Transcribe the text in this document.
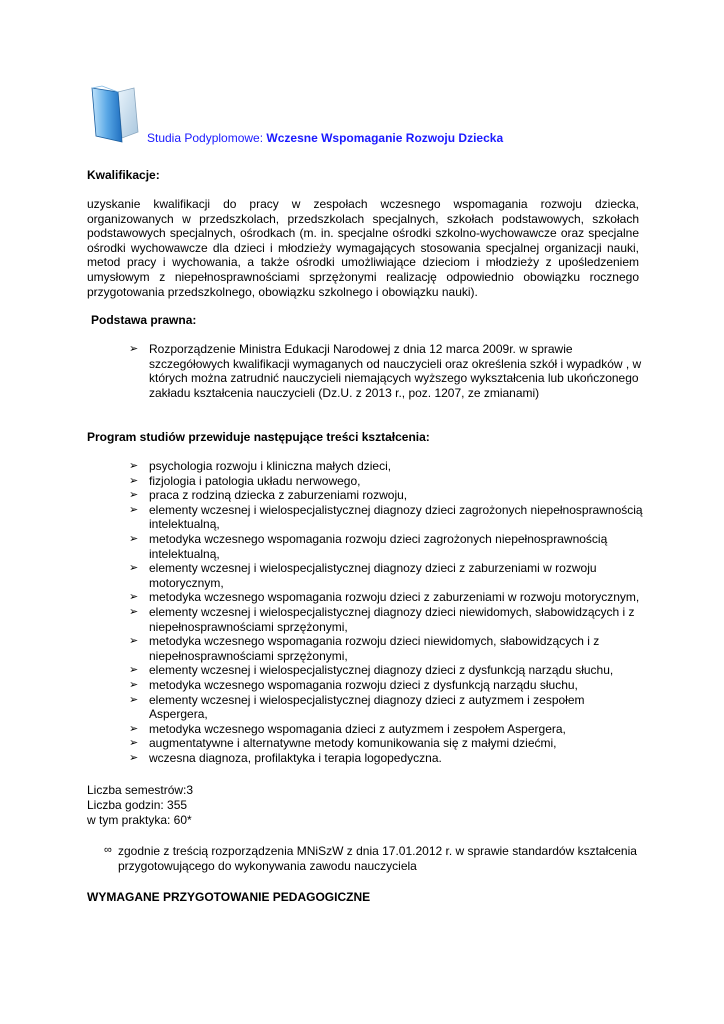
Studia Podyplomowe: Wczesne Wspomaganie Rozwoju Dziecka
Kwalifikacje:

uzyskanie kwalifikacji do pracy w zespołach wczesnego wspomagania rozwoju dziecka, organizowanych w przedszkolach, przedszkolach specjalnych, szkołach podstawowych, szkołach podstawowych specjalnych, ośrodkach (m. in. specjalne ośrodki szkolno-wychowawcze oraz specjalne ośrodki wychowawcze dla dzieci i młodzieży wymagających stosowania specjalnej organizacji nauki, metod pracy i wychowania, a także ośrodki umożliwiające dzieciom i młodzieży z upośledzeniem umysłowym z niepełnosprawnościami sprzężonymi realizację odpowiednio obowiązku rocznego przygotowania przedszkolnego, obowiązku szkolnego i obowiązku nauki).

Podstawa prawna:
➢ Rozporządzenie Ministra Edukacji Narodowej z dnia 12 marca 2009r. w sprawie szczegółowych kwalifikacji wymaganych od nauczycieli oraz określenia szkół i wypadków , w których można zatrudnić nauczycieli niemających wyższego wykształcenia lub ukończonego zakładu kształcenia nauczycieli (Dz.U. z 2013 r., poz. 1207, ze zmianami)
Program studiów przewiduje następujące treści kształcenia:
➢ psychologia rozwoju i kliniczna małych dzieci,
➢ fizjologia i patologia układu nerwowego,
➢ praca z rodziną dziecka z zaburzeniami rozwoju,
➢ elementy wczesnej i wielospecjalistycznej diagnozy dzieci zagrożonych niepełnosprawnością intelektualną,
➢ metodyka wczesnego wspomagania rozwoju dzieci zagrożonych niepełnosprawnością intelektualną,
➢ elementy wczesnej i wielospecjalistycznej diagnozy dzieci z zaburzeniami w rozwoju motorycznym,
➢ metodyka wczesnego wspomagania rozwoju dzieci z zaburzeniami w rozwoju motorycznym,
➢ elementy wczesnej i wielospecjalistycznej diagnozy dzieci niewidomych, słabowidzących i z niepełnosprawnościami sprzężonymi,
➢ metodyka wczesnego wspomagania rozwoju dzieci niewidomych, słabowidzących i z niepełnosprawnościami sprzężonymi,
➢ elementy wczesnej i wielospecjalistycznej diagnozy dzieci z dysfunkcją narządu słuchu,
➢ metodyka wczesnego wspomagania rozwoju dzieci z dysfunkcją narządu słuchu,
➢ elementy wczesnej i wielospecjalistycznej diagnozy dzieci z autyzmem i zespołem Aspergera,
➢ metodyka wczesnego wspomagania dzieci z autyzmem i zespołem Aspergera,
➢ augmentatywne i alternatywne metody komunikowania się z małymi dziećmi,
➢ wczesna diagnoza, profilaktyka i terapia logopedyczna.
Liczba semestrów:3
Liczba godzin: 355
w tym praktyka: 60*
∞ zgodnie z treścią rozporządzenia MNiSzW z dnia 17.01.2012 r. w sprawie standardów kształcenia przygotowującego do wykonywania zawodu nauczyciela
WYMAGANE PRZYGOTOWANIE PEDAGOGICZNE
